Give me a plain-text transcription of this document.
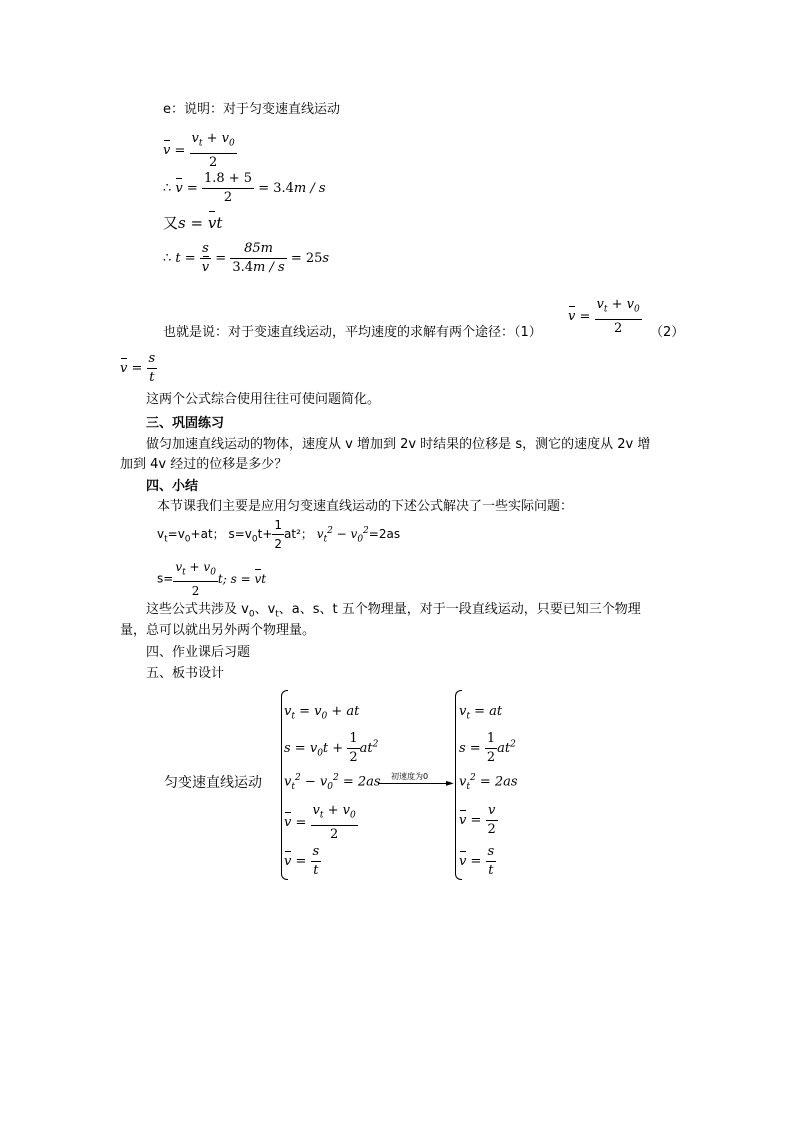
e：说明：对于匀变速直线运动
$v = \frac{v_t + v_0}{2}$
∴ $v = \frac{1.8 + 5}{2} = 3.4m / s$
又s = vt
∴ $t = \frac{s}{v} = \frac{85m}{3.4m / s} = 25s$
$v = \frac{v_t + v_0}{2}$
也就是说：对于变速直线运动，平均速度的求解有两个途径：（1）	（2）
$v = \frac{s}{t}$
这两个公式综合使用往往可使问题简化。
三、巩固练习
做匀加速直线运动的物体，速度从 v 增加到 2v 时结果的位移是 s，测它的速度从 2v 增
加到 4v 经过的位移是多少？
四、小结
本节课我们主要是应用匀变速直线运动的下述公式解决了一些实际问题：
$v_t=v_0+at$； $s=v_0t+ \frac{1}{2} at^2$； $v_t^2 - v_0^2=2as$
$s= \frac{v_t + v_0}{2} t$; s = vt
这些公式共涉及 $v_0$、$v_t$、a、s、t 五个物理量，对于一段直线运动，只要已知三个物理
量，总可以就出另外两个物理量。
四、作业课后习题
五、板书设计
匀变速直线运动
$v_t = v_0$ + at
$s = v_0t + \frac{1}{2} at^2$
$v_t^2 - v_0^2 = 2as$
$v = \frac{v_t + v_0}{2}$
$v = \frac{s}{t}$
初速度为0
►
$v_t$ = at
$s = \frac{1}{2} at^2$
$v_t^2 = 2as$
$v = \frac{v}{2}$
$v = \frac{s}{t}$
